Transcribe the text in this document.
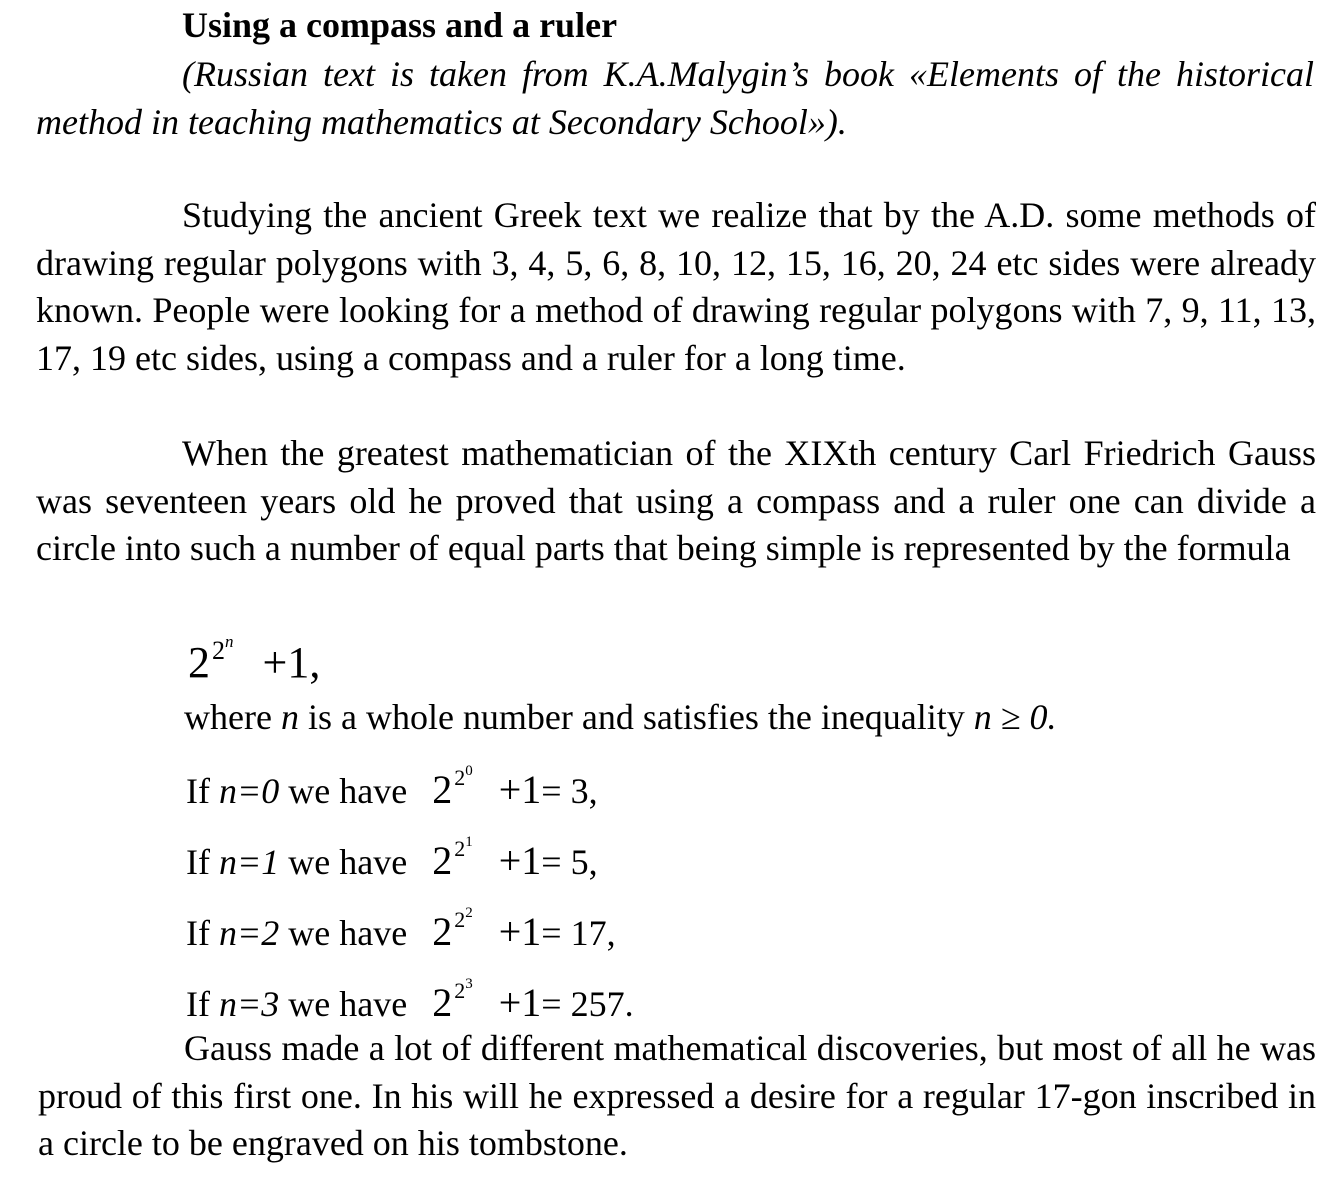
Using a compass and a ruler
(Russian text is taken from K.A.Malygin’s book «Elements of the historical method in teaching mathematics at Secondary School»).
Studying the ancient Greek text we realize that by the A.D. some methods of drawing regular polygons with 3, 4, 5, 6, 8, 10, 12, 15, 16, 20, 24 etc sides were already known. People were looking for a method of drawing regular polygons with 7, 9, 11, 13, 17, 19 etc sides, using a compass and a ruler for a long time.
When the greatest mathematician of the XIXth century Carl Friedrich Gauss was seventeen years old he proved that using a compass and a ruler one can divide a circle into such a number of equal parts that being simple is represented by the formula
$2^{2n} +1$,
where n is a whole number and satisfies the inequality n ≥ 0.
If n=0 we have $2^{20} +1= 3$,
If n=1 we have $2^{21} +1= 5$,
If n=2 we have $2^{22} +1= 17$,
If n=3 we have $2^{23} +1= 257$.
Gauss made a lot of different mathematical discoveries, but most of all he was proud of this first one. In his will he expressed a desire for a regular 17-gon inscribed in a circle to be engraved on his tombstone.
